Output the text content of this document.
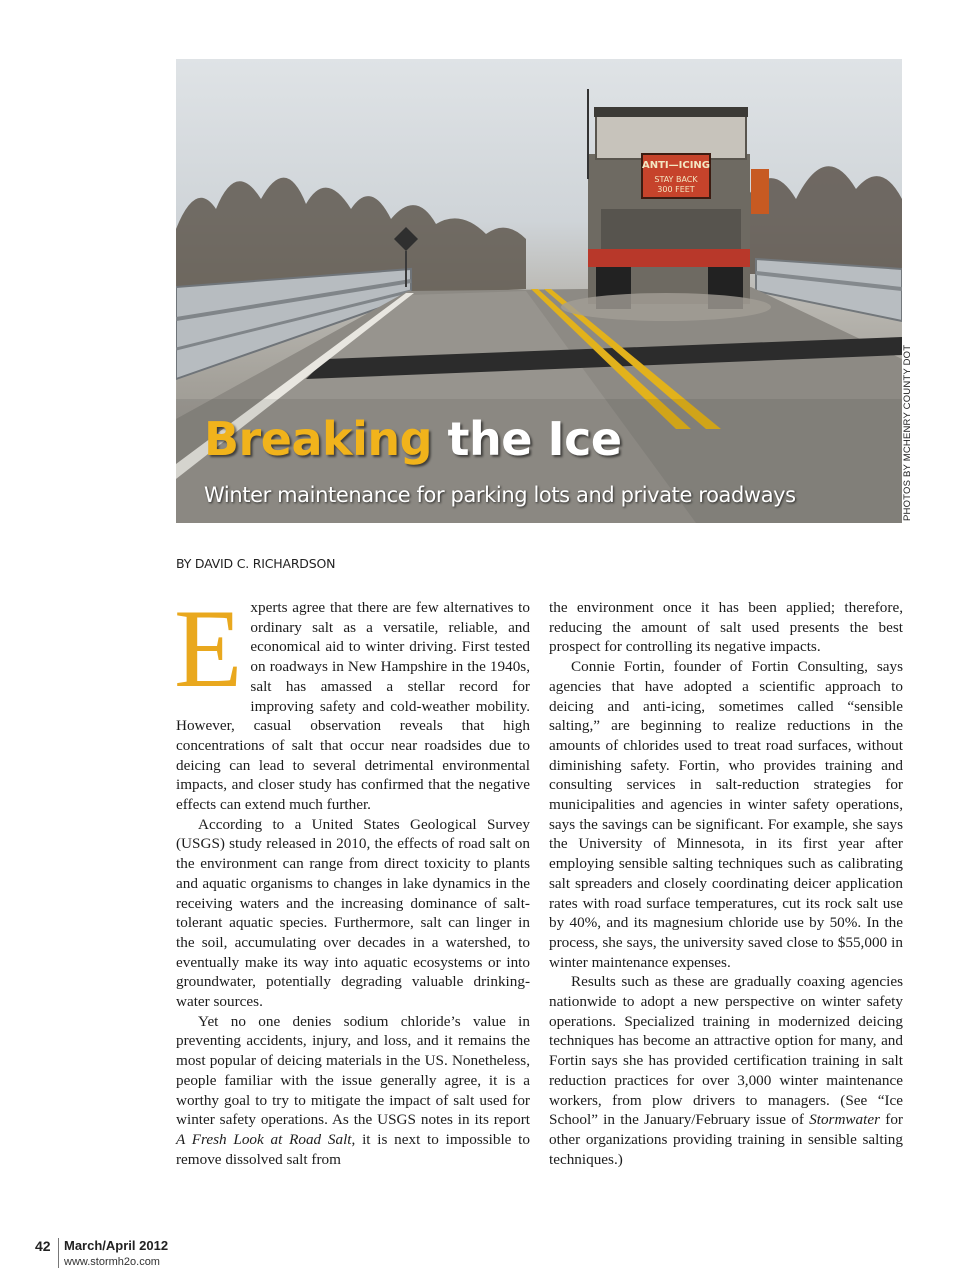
ANTI—ICING
STAY BACK
300 FEET
Breaking the Ice

Winter maintenance for parking lots and private roadways	PHOTOS BY MCHENRY COUNTY DOT
BY DAVID C. RICHARDSON

Experts agree that there are few alternatives to ordinary salt as a versatile, reliable, and economical aid to winter driving. First tested on roadways in New Hampshire in the 1940s, salt has amassed a stellar record for improving safety and cold-weather mobility. However, casual observation reveals that high concentrations of salt that occur near roadsides due to deicing can lead to several detrimental environmental impacts, and closer study has confirmed that the negative effects can extend much further.

According to a United States Geological Survey (USGS) study released in 2010, the effects of road salt on the environment can range from direct toxicity to plants and aquatic organisms to changes in lake dynamics in the receiving waters and the increasing dominance of salt-tolerant aquatic species. Furthermore, salt can linger in the soil, accumulating over decades in a watershed, to eventually make its way into aquatic ecosystems or into groundwater, potentially degrading valuable drinking-water sources.

Yet no one denies sodium chloride’s value in preventing accidents, injury, and loss, and it remains the most popular of deicing materials in the US. Nonetheless, people familiar with the issue generally agree, it is a worthy goal to try to mitigate the impact of salt used for winter safety operations. As the USGS notes in its report A Fresh Look at Road Salt, it is next to impossible to remove dissolved salt from

the environment once it has been applied; therefore, reducing the amount of salt used presents the best prospect for controlling its negative impacts.

Connie Fortin, founder of Fortin Consulting, says agencies that have adopted a scientific approach to deicing and anti-icing, sometimes called “sensible salting,” are beginning to realize reductions in the amounts of chlorides used to treat road surfaces, without diminishing safety. Fortin, who provides training and consulting services in salt-reduction strategies for municipalities and agencies in winter safety operations, says the savings can be significant. For example, she says the University of Minnesota, in its first year after employing sensible salting techniques such as calibrating salt spreaders and closely coordinating deicer application rates with road surface temperatures, cut its rock salt use by 40%, and its magnesium chloride use by 50%. In the process, she says, the university saved close to $55,000 in winter maintenance expenses.

Results such as these are gradually coaxing agencies nationwide to adopt a new perspective on winter safety operations. Specialized training in modernized deicing techniques has become an attractive option for many, and Fortin says she has provided certification training in salt reduction practices for over 3,000 winter maintenance workers, from plow drivers to managers. (See “Ice School” in the January/February issue of Stormwater for other organizations providing training in sensible salting techniques.)

42 March/April 2012
www.stormh2o.com
